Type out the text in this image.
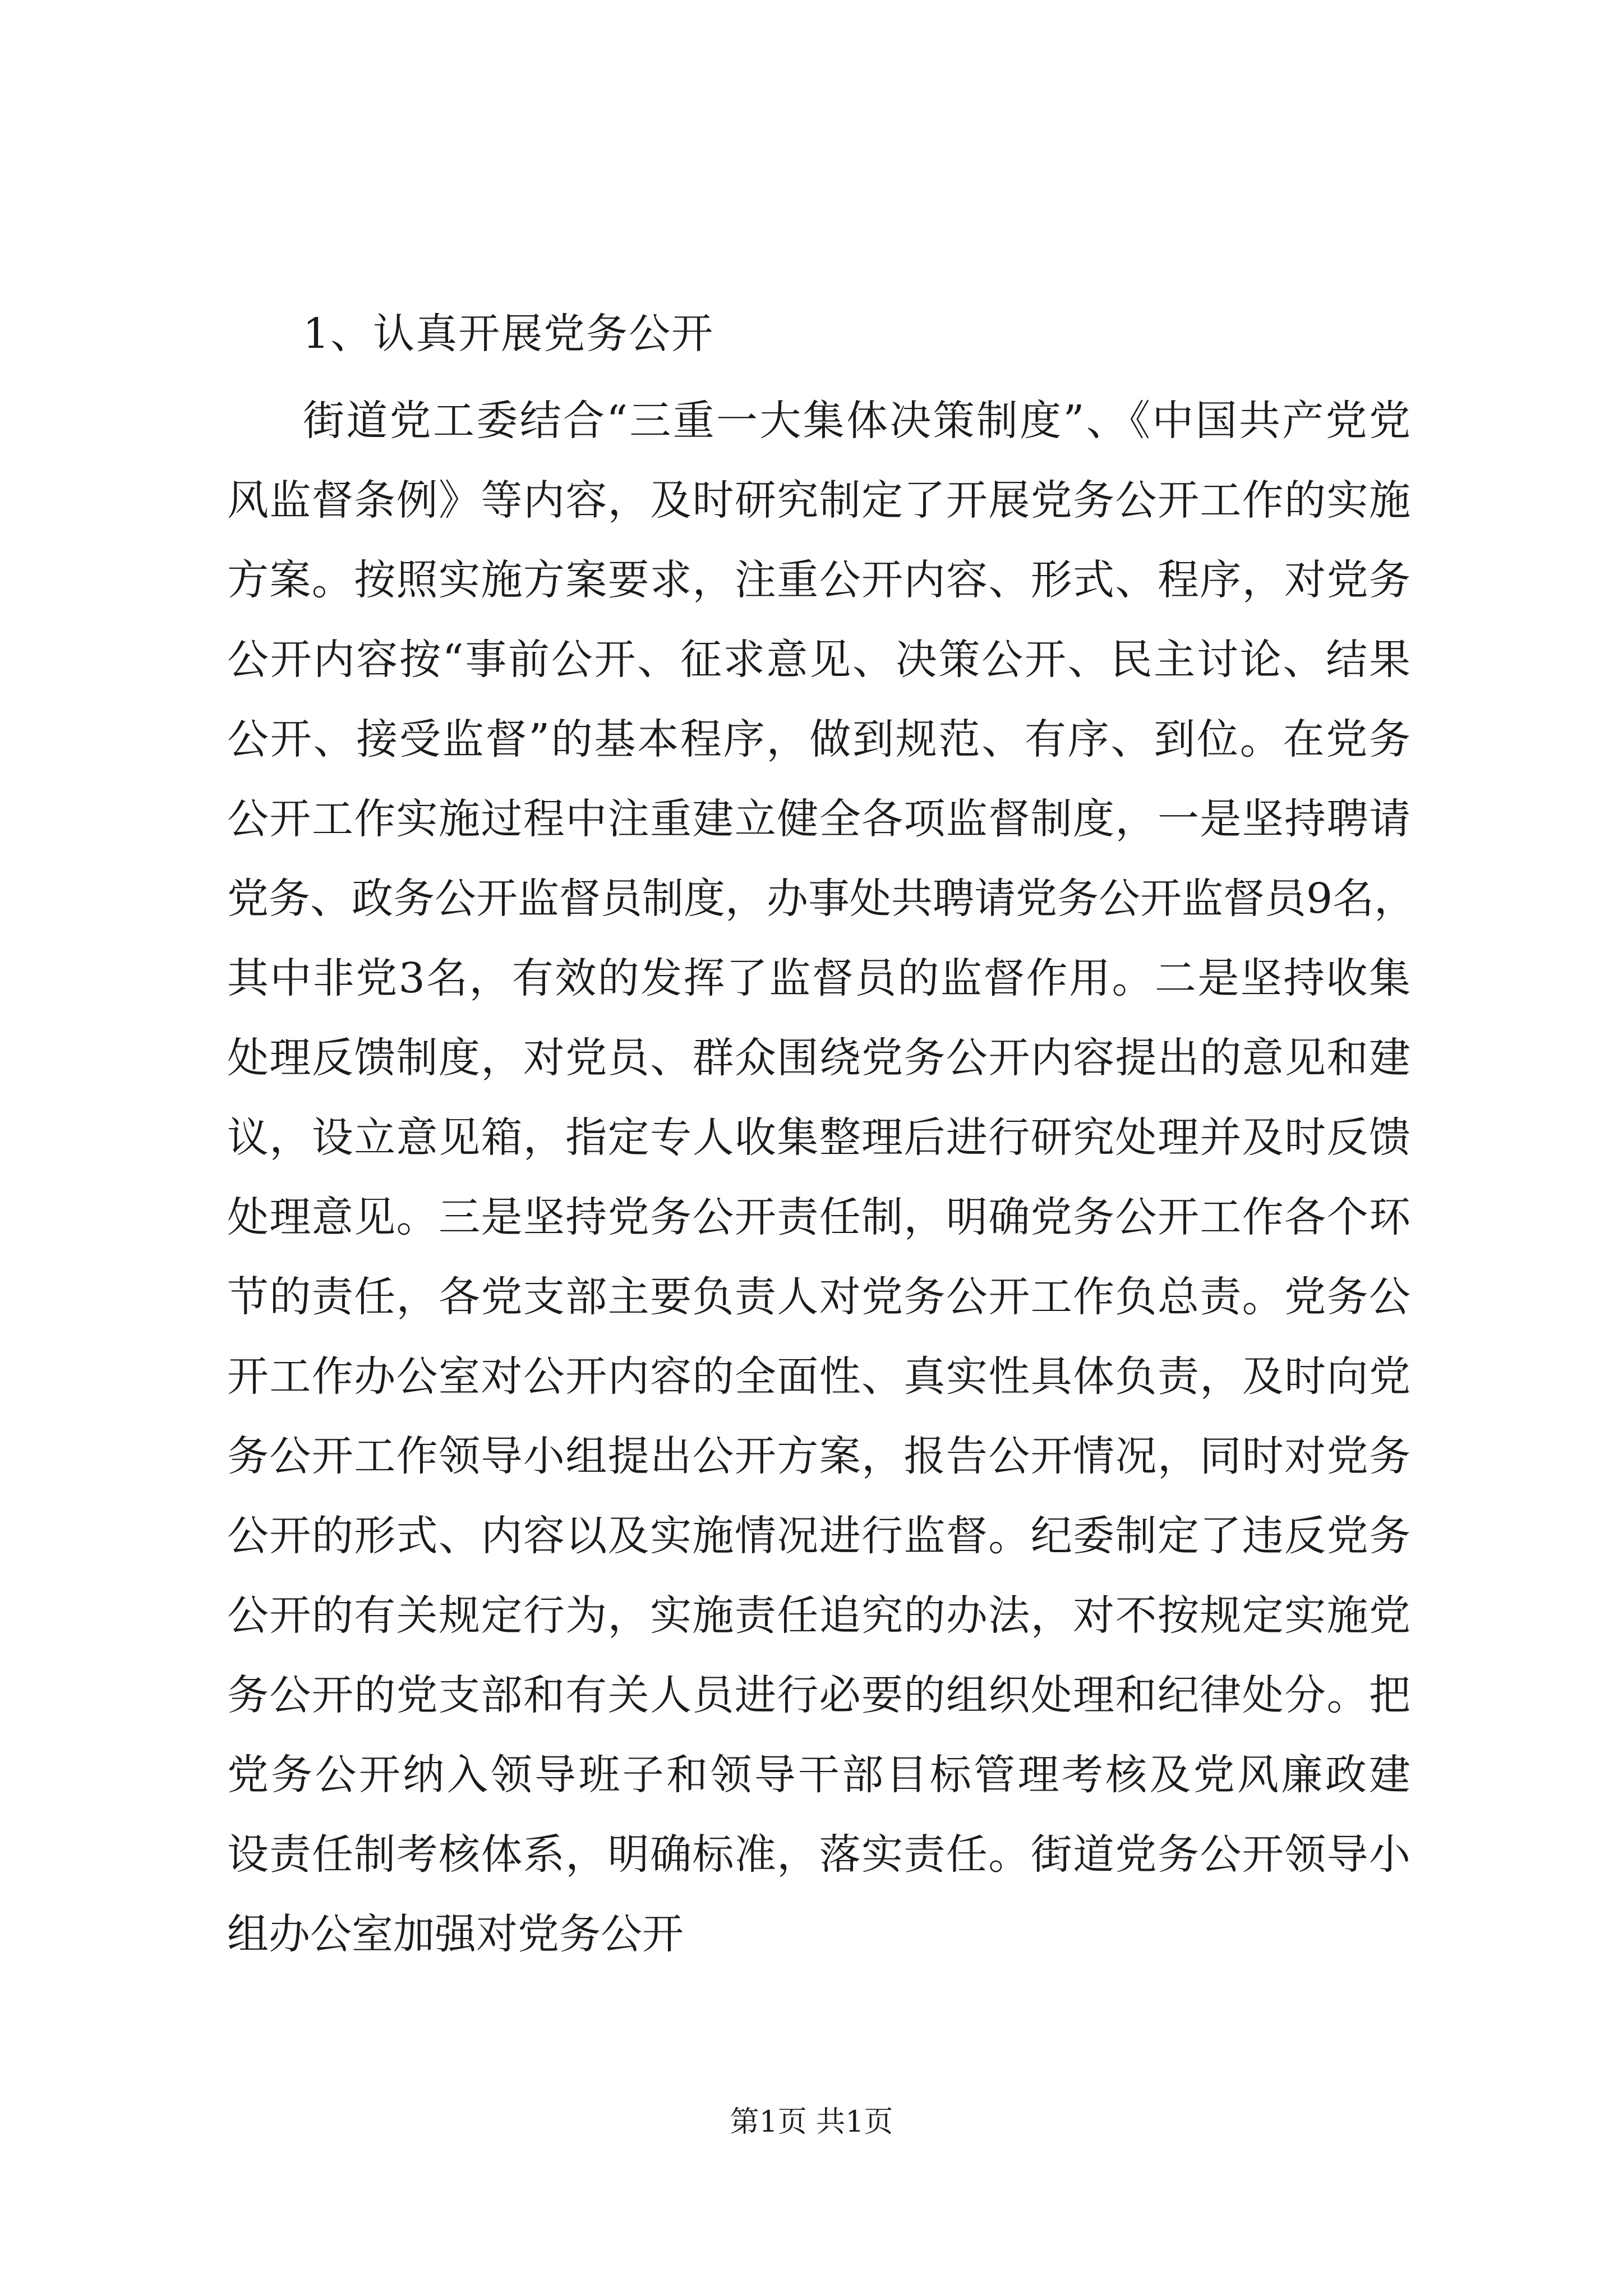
1、认真开展党务公开
街道党工委结合“三重一大集体决策制度”、《中国共产党党
风监督条例》等内容，及时研究制定了开展党务公开工作的实施
方案。按照实施方案要求，注重公开内容、形式、程序，对党务
公开内容按“事前公开、征求意见、决策公开、民主讨论、结果
公开、接受监督”的基本程序，做到规范、有序、到位。在党务
公开工作实施过程中注重建立健全各项监督制度，一是坚持聘请
党务、政务公开监督员制度，办事处共聘请党务公开监督员9名，
其中非党3名，有效的发挥了监督员的监督作用。二是坚持收集
处理反馈制度，对党员、群众围绕党务公开内容提出的意见和建
议，设立意见箱，指定专人收集整理后进行研究处理并及时反馈
处理意见。三是坚持党务公开责任制，明确党务公开工作各个环
节的责任，各党支部主要负责人对党务公开工作负总责。党务公
开工作办公室对公开内容的全面性、真实性具体负责，及时向党
务公开工作领导小组提出公开方案，报告公开情况，同时对党务
公开的形式、内容以及实施情况进行监督。纪委制定了违反党务
公开的有关规定行为，实施责任追究的办法，对不按规定实施党
务公开的党支部和有关人员进行必要的组织处理和纪律处分。把
党务公开纳入领导班子和领导干部目标管理考核及党风廉政建
设责任制考核体系，明确标准，落实责任。街道党务公开领导小
组办公室加强对党务公开
第1页 共1页
